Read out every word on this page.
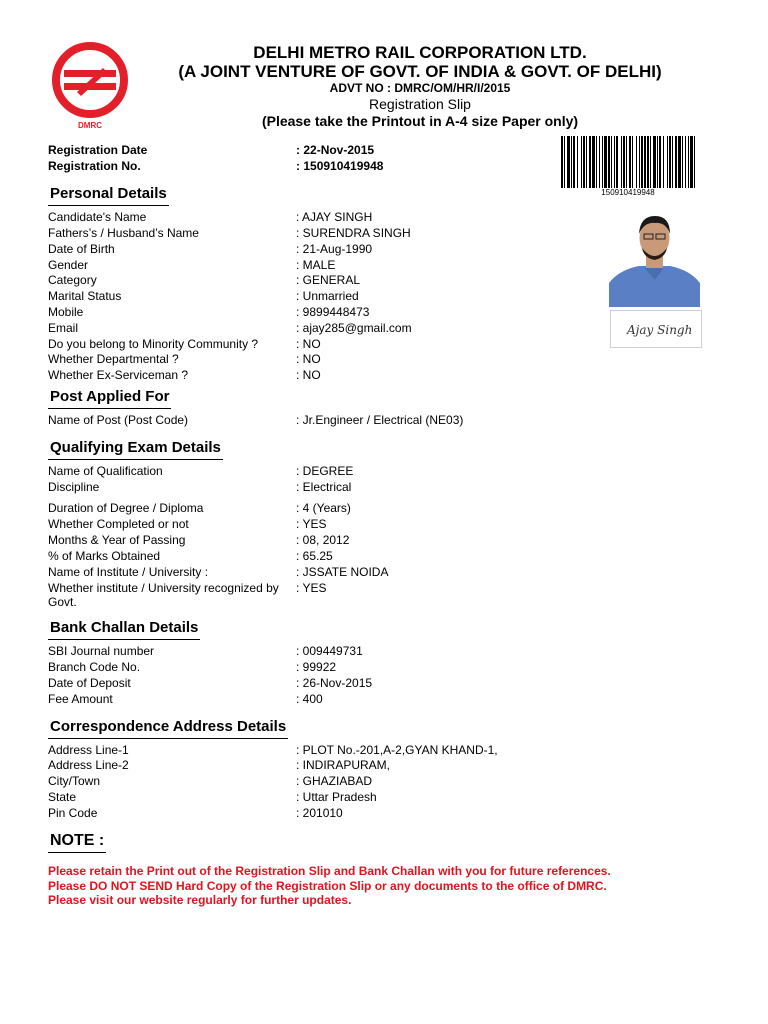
DMRC
DELHI METRO RAIL CORPORATION LTD.
(A JOINT VENTURE OF GOVT. OF INDIA & GOVT. OF DELHI)
ADVT NO : DMRC/OM/HR/I/2015
Registration Slip
(Please take the Printout in A-4 size Paper only)
Registration Date	: 22-Nov-2015
Registration No.	: 150910419948
150910419948
Ajay Singh
Personal Details
Candidate's Name	: AJAY SINGH
Fathers’s / Husband’s Name	: SURENDRA SINGH
Date of Birth	: 21-Aug-1990
Gender	: MALE
Category	: GENERAL
Marital Status	: Unmarried
Mobile	: 9899448473
Email	: ajay285@gmail.com
Do you belong to Minority Community ?	: NO
Whether Departmental ?	: NO
Whether Ex-Serviceman ?	: NO
Post Applied For
Name of Post (Post Code)	: Jr.Engineer / Electrical (NE03)
Qualifying Exam Details
Name of Qualification	: DEGREE
Discipline	: Electrical
Duration of Degree / Diploma	: 4 (Years)
Whether Completed or not	: YES
Months & Year of Passing	: 08, 2012
% of Marks Obtained	: 65.25
Name of Institute / University :	: JSSATE NOIDA
Whether institute / University recognized by Govt.
: YES
Bank Challan Details
SBI Journal number	: 009449731
Branch Code No.	: 99922
Date of Deposit	: 26-Nov-2015
Fee Amount	: 400
Correspondence Address Details
Address Line-1	: PLOT No.-201,A-2,GYAN KHAND-1,
Address Line-2	: INDIRAPURAM,
City/Town	: GHAZIABAD
State	: Uttar Pradesh
Pin Code	: 201010
NOTE :
Please retain the Print out of the Registration Slip and Bank Challan with you for future references.
Please DO NOT SEND Hard Copy of the Registration Slip or any documents to the office of DMRC.
Please visit our website regularly for further updates.
